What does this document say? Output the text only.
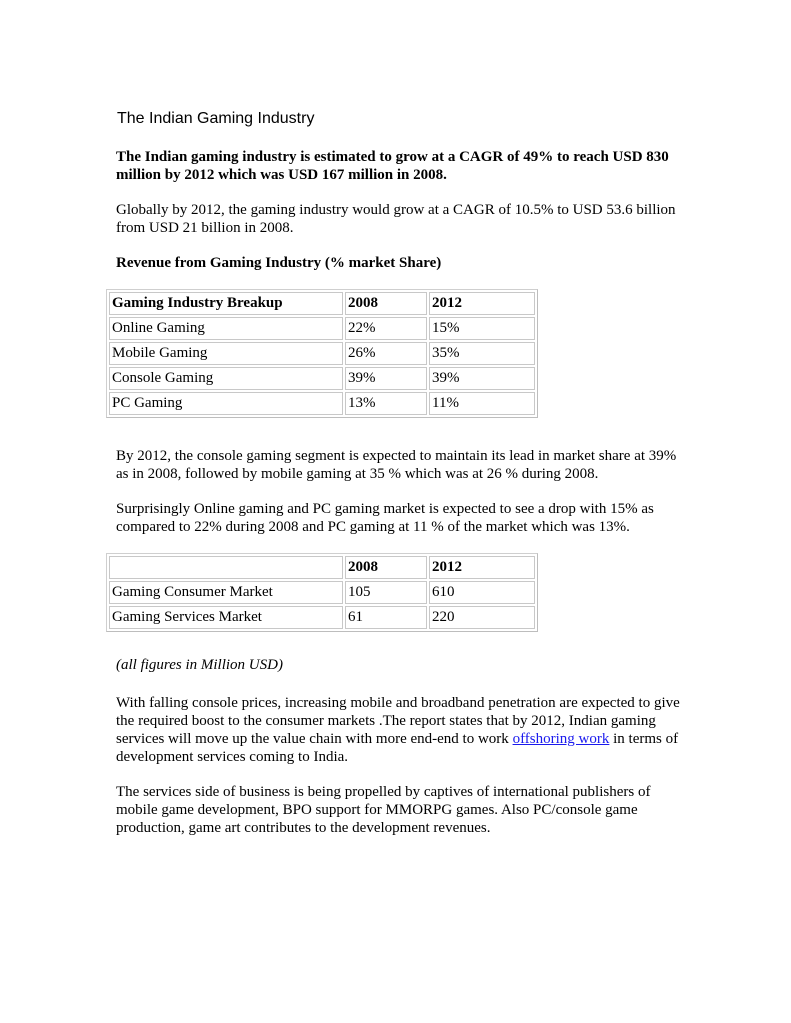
The Indian Gaming Industry

The Indian gaming industry is estimated to grow at a CAGR of 49% to reach USD 830 million by 2012 which was USD 167 million in 2008.

Globally by 2012, the gaming industry would grow at a CAGR of 10.5% to USD 53.6 billion from USD 21 billion in 2008.

Revenue from Gaming Industry (% market Share)

Gaming Industry Breakup	2008	2012
Online Gaming	22%	15%
Mobile Gaming	26%	35%
Console Gaming	39%	39%
PC Gaming	13%	11%

By 2012, the console gaming segment is expected to maintain its lead in market share at 39% as in 2008, followed by mobile gaming at 35 % which was at 26 % during 2008.

Surprisingly Online gaming and PC gaming market is expected to see a drop with 15% as compared to 22% during 2008 and PC gaming at 11 % of the market which was 13%.

	2008	2012
Gaming Consumer Market	105	610
Gaming Services Market	61	220

(all figures in Million USD)

With falling console prices, increasing mobile and broadband penetration are expected to give the required boost to the consumer markets .The report states that by 2012, Indian gaming services will move up the value chain with more end-end to work offshoring work in terms of development services coming to India.

The services side of business is being propelled by captives of international publishers of mobile game development, BPO support for MMORPG games. Also PC/console game production, game art contributes to the development revenues.
